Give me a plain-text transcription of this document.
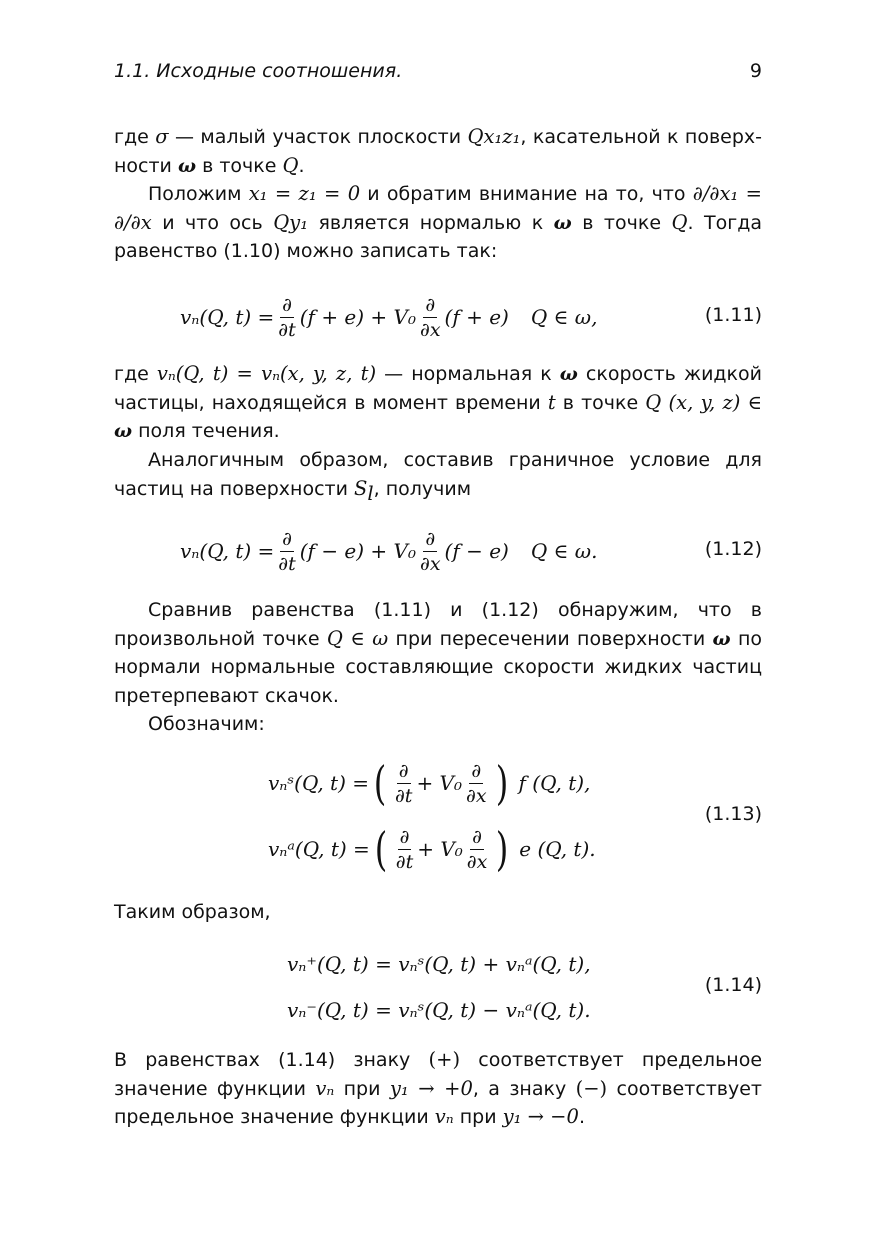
1.1. Исходные соотношения.	9

где σ — малый участок плоскости Qx₁z₁, касательной к поверх-ности ω в точке Q.

Положим x₁ = z₁ = 0 и обратим внимание на то, что ∂/∂x₁ = ∂/∂x и что ось Qy₁ является нормалью к ω в точке Q. Тогда равенство (1.10) можно записать так:

vₙ(Q, $t) = \frac{\partial}{\partial t} (f + e) + V_0 \frac{\partial}{\partial x} (f + e)$ Q ∈ ω,	(1.11)

где vₙ(Q, t) = vₙ(x, y, z, t) — нормальная к ω скорость жидкой частицы, находящейся в момент времени t в точке Q (x, y, z) ∈ ω поля течения.

Аналогичным образом, составив граничное условие для частиц на поверхности $S_l$, получим

vₙ(Q, $t) = \frac{\partial}{\partial t} (f - e) + V_0 \frac{\partial}{\partial x} (f - e)$ Q ∈ ω.	(1.12)

Сравнив равенства (1.11) и (1.12) обнаружим, что в произвольной точке Q ∈ ω при пересечении поверхности ω по нормали нормальные составляющие скорости жидких частиц претерпевают скачок.

Обозначим:

vₙˢ(Q, t) = ( $\frac{\partial}{\partial t} + V_0 \frac{\partial}{\partial x}$ ) f (Q, t),
vₙᵃ(Q, t) = ( $\frac{\partial}{\partial t} + V_0 \frac{\partial}{\partial x}$ ) e (Q, t).
(1.13)

Таким образом,

vₙ⁺(Q, t) = vₙˢ(Q, t) + vₙᵃ(Q, t),
vₙ⁻(Q, t) = vₙˢ(Q, t) − vₙᵃ(Q, t).
(1.14)

В равенствах (1.14) знаку (+) соответствует предельное значение функции vₙ при y₁ → +0, а знаку (−) соответствует предельное значение функции vₙ при y₁ → −0.
